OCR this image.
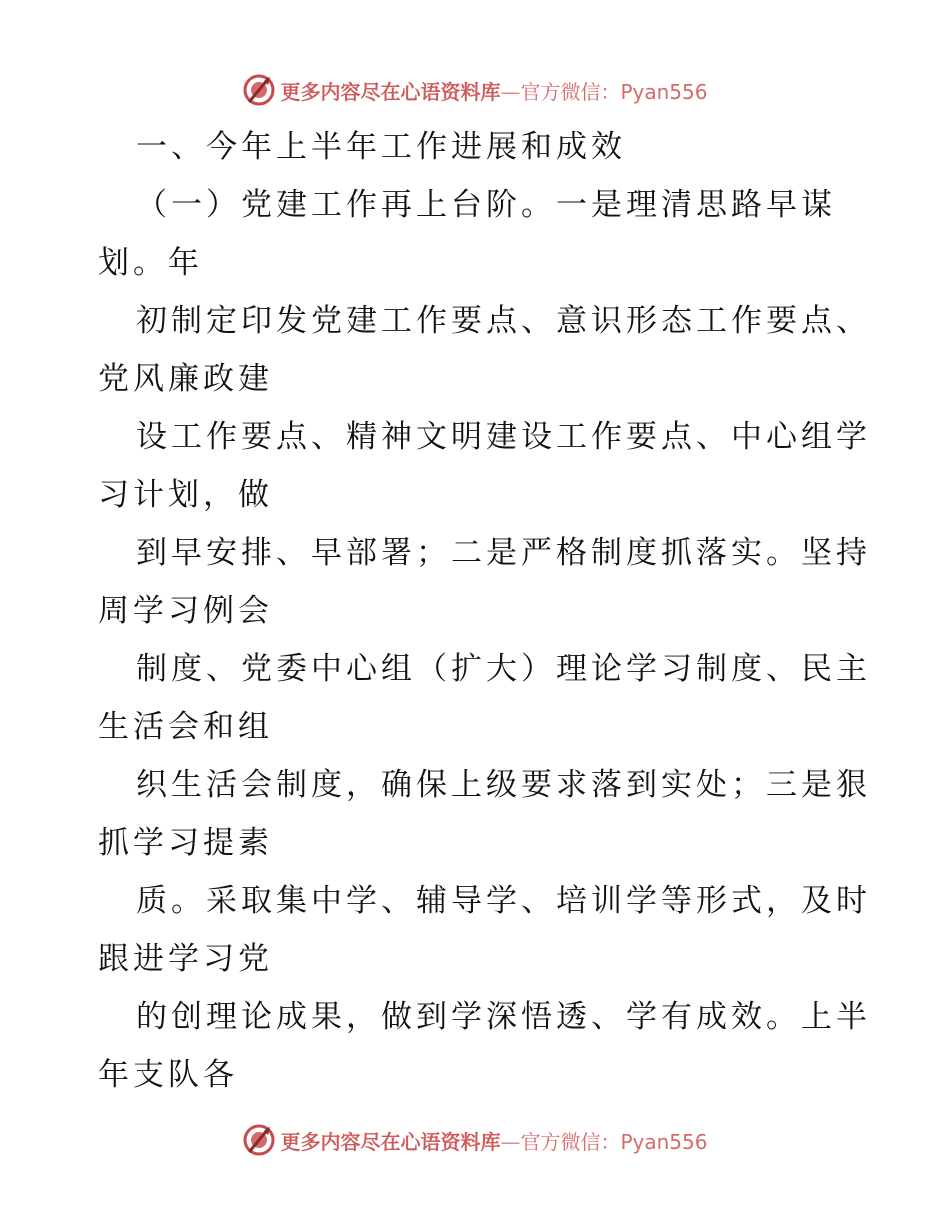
更多内容尽在心语资料库—官方微信：Pyan556
一、今年上半年工作进展和成效
（一）党建工作再上台阶。一是理清思路早谋
划。年
初制定印发党建工作要点、意识形态工作要点、
党风廉政建
设工作要点、精神文明建设工作要点、中心组学
习计划，做
到早安排、早部署；二是严格制度抓落实。坚持
周学习例会
制度、党委中心组（扩大）理论学习制度、民主
生活会和组
织生活会制度，确保上级要求落到实处；三是狠
抓学习提素
质。采取集中学、辅导学、培训学等形式，及时
跟进学习党
的创理论成果，做到学深悟透、学有成效。上半
年支队各
更多内容尽在心语资料库—官方微信：Pyan556
